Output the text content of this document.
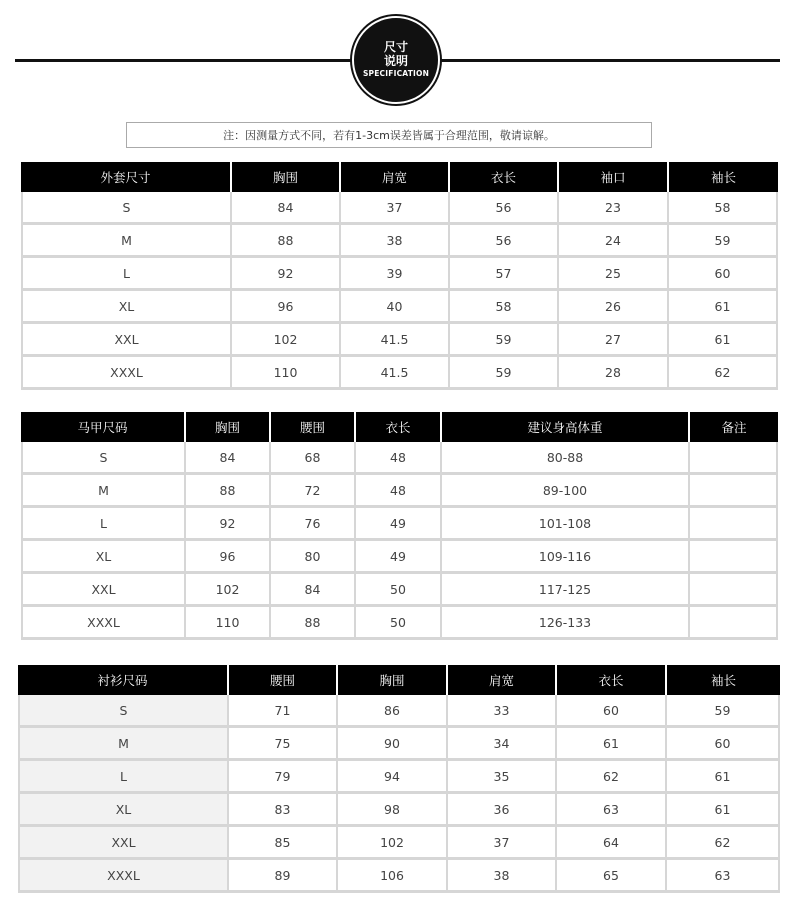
尺寸
说明
SPECIFICATION
注：因测量方式不同，若有1-3cm误差皆属于合理范围，敬请谅解。
外套尺寸	胸围	肩宽	衣长	袖口	袖长
S	84	37	56	23	58
M	88	38	56	24	59
L	92	39	57	25	60
XL	96	40	58	26	61
XXL	102	41.5	59	27	61
XXXL	110	41.5	59	28	62
马甲尺码	胸围	腰围	衣长	建议身高体重	备注
S	84	68	48	80-88	
M	88	72	48	89-100	
L	92	76	49	101-108	
XL	96	80	49	109-116	
XXL	102	84	50	117-125	
XXXL	110	88	50	126-133	
衬衫尺码	腰围	胸围	肩宽	衣长	袖长
S	71	86	33	60	59
M	75	90	34	61	60
L	79	94	35	62	61
XL	83	98	36	63	61
XXL	85	102	37	64	62
XXXL	89	106	38	65	63
